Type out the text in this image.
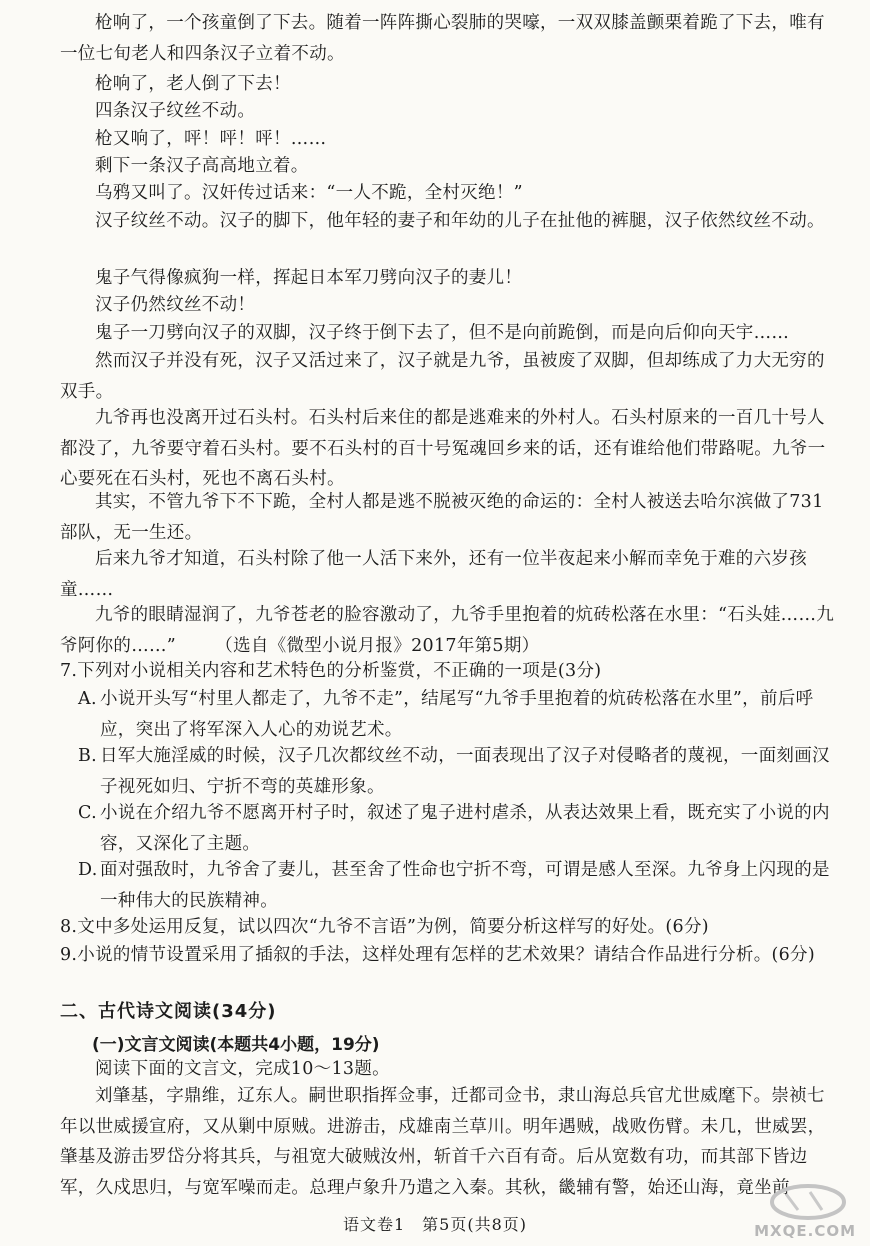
枪响了，一个孩童倒了下去。随着一阵阵撕心裂肺的哭嚎，一双双膝盖颤栗着跪了下去，唯有一位七旬老人和四条汉子立着不动。

枪响了，老人倒了下去！

四条汉子纹丝不动。

枪又响了，呯！呯！呯！……

剩下一条汉子高高地立着。

乌鸦又叫了。汉奸传过话来：“一人不跪，全村灭绝！”

汉子纹丝不动。汉子的脚下，他年轻的妻子和年幼的儿子在扯他的裤腿，汉子依然纹丝不动。

鬼子气得像疯狗一样，挥起日本军刀劈向汉子的妻儿！

汉子仍然纹丝不动！

鬼子一刀劈向汉子的双脚，汉子终于倒下去了，但不是向前跪倒，而是向后仰向天宇……

然而汉子并没有死，汉子又活过来了，汉子就是九爷，虽被废了双脚，但却练成了力大无穷的双手。

九爷再也没离开过石头村。石头村后来住的都是逃难来的外村人。石头村原来的一百几十号人都没了，九爷要守着石头村。要不石头村的百十号冤魂回乡来的话，还有谁给他们带路呢。九爷一心要死在石头村，死也不离石头村。

其实，不管九爷下不下跪，全村人都是逃不脱被灭绝的命运的：全村人被送去哈尔滨做了731部队，无一生还。

后来九爷才知道，石头村除了他一人活下来外，还有一位半夜起来小解而幸免于难的六岁孩童……

九爷的眼睛湿润了，九爷苍老的脸容激动了，九爷手里抱着的炕砖松落在水里：“石头娃……九爷阿你的……”	（选自《微型小说月报》2017年第5期）

7.下列对小说相关内容和艺术特色的分析鉴赏，不正确的一项是(3分)

A. 小说开头写“村里人都走了，九爷不走”，结尾写“九爷手里抱着的炕砖松落在水里”，前后呼应，突出了将军深入人心的劝说艺术。

B. 日军大施淫威的时候，汉子几次都纹丝不动，一面表现出了汉子对侵略者的蔑视，一面刻画汉子视死如归、宁折不弯的英雄形象。

C. 小说在介绍九爷不愿离开村子时，叙述了鬼子进村虐杀，从表达效果上看，既充实了小说的内容，又深化了主题。

D. 面对强敌时，九爷舍了妻儿，甚至舍了性命也宁折不弯，可谓是感人至深。九爷身上闪现的是一种伟大的民族精神。

8.文中多处运用反复，试以四次“九爷不言语”为例，简要分析这样写的好处。(6分)

9.小说的情节设置采用了插叙的手法，这样处理有怎样的艺术效果？请结合作品进行分析。(6分)

二、古代诗文阅读(34分)

(一)文言文阅读(本题共4小题，19分)

阅读下面的文言文，完成10～13题。

刘肇基，字鼎维，辽东人。嗣世职指挥佥事，迁都司佥书，隶山海总兵官尤世威麾下。崇祯七年以世威援宣府，又从剿中原贼。进游击，戍雄南兰草川。明年遇贼，战败伤臂。未几，世威罢，肇基及游击罗岱分将其兵，与祖宽大破贼汝州，斩首千六百有奇。后从宽数有功，而其部下皆边军，久戍思归，与宽军噪而走。总理卢象升乃遣之入秦。其秋，畿辅有警，始还山海，竟坐前

语文卷1　第5页(共8页)	MXQE.COM
